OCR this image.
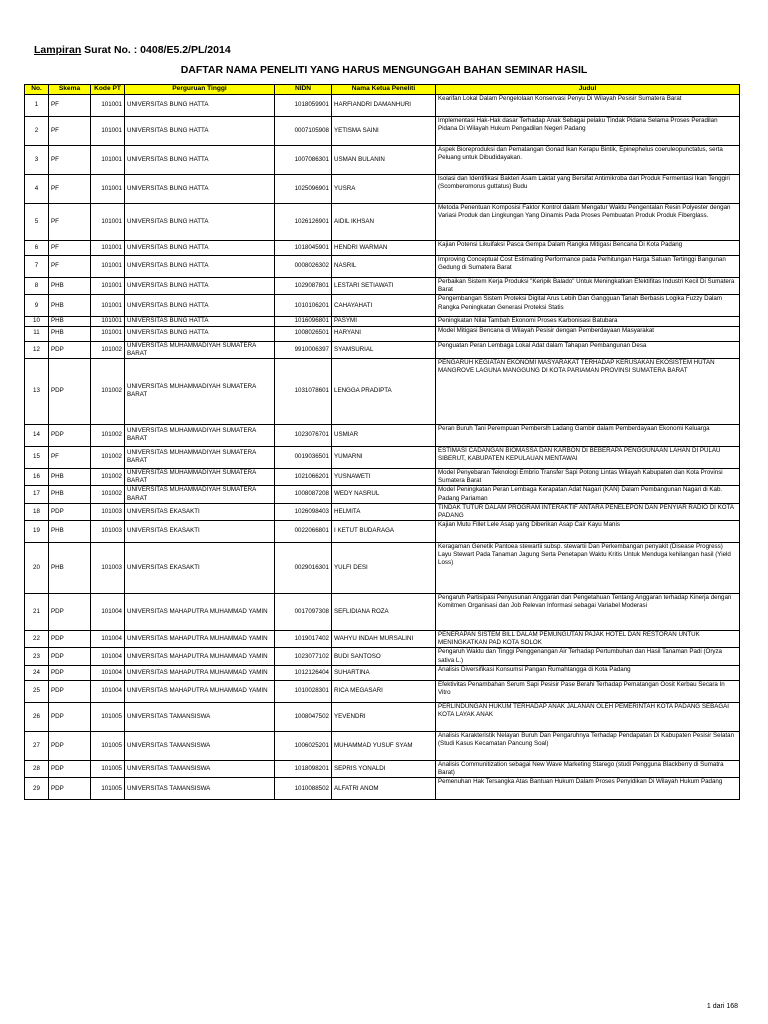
Lampiran Surat No. : 0408/E5.2/PL/2014
DAFTAR NAMA PENELITI YANG HARUS MENGUNGGAH BAHAN SEMINAR HASIL
No.	Skema	Kode PT	Perguruan Tinggi	NIDN	Nama Ketua Peneliti	Judul
1	PF	101001	UNIVERSITAS BUNG HATTA	1018059901	HARFIANDRI DAMANHURI	Kearifan Lokal Dalam Pengelolaan Konservasi Penyu Di Wilayah Pesisir Sumatera Barat
2	PF	101001	UNIVERSITAS BUNG HATTA	0007105908	YETISMA SAINI	Implementasi Hak-Hak dasar Terhadap Anak Sebagai pelaku Tindak Pidana Selama Proses Peradilan Pidana Di Wilayah Hukum Pengadilan Negeri Padang
3	PF	101001	UNIVERSITAS BUNG HATTA	1007086301	USMAN BULANIN	Aspek Bioreproduksi dan Pematangan Gonad Ikan Kerapu Bintik, Epinephelus coeruleopunctatus, serta Peluang untuk Dibudidayakan.
4	PF	101001	UNIVERSITAS BUNG HATTA	1025096901	YUSRA	Isolasi dan Identifikasi Bakteri Asam Laktat yang Bersifat Antimikroba dari Produk Fermentasi Ikan Tenggiri (Scomberomorus guttatus) Budu
5	PF	101001	UNIVERSITAS BUNG HATTA	1026126901	AIDIL IKHSAN	Metoda Penentuan Komposisi Faktor Kontrol dalam Mengatur Waktu Pengentalan Resin Polyester dengan Variasi Produk dan Lingkungan Yang Dinamis Pada Proses Pembuatan Produk Produk Fiberglass.
6	PF	101001	UNIVERSITAS BUNG HATTA	1018045901	HENDRI WARMAN	Kajian Potensi Likuifaksi Pasca Gempa Dalam Rangka Mitigasi Bencana Di Kota Padang
7	PF	101001	UNIVERSITAS BUNG HATTA	0008026302	NASRIL	Improving Conceptual Cost Estimating Performance pada Perhitungan Harga Satuan Tertinggi Bangunan Gedung di Sumatera Barat
8	PHB	101001	UNIVERSITAS BUNG HATTA	1029087801	LESTARI SETIAWATI	Perbaikan Sistem Kerja Produksi "Keripik Balado" Untuk Meningkatkan Efektifitas Industri Kecil Di Sumatera Barat
9	PHB	101001	UNIVERSITAS BUNG HATTA	1010106201	CAHAYAHATI	Pengembangan Sistem Proteksi Digital Arus Lebih Dan Gangguan Tanah Berbasis Logika Fuzzy Dalam Rangka Peningkatan Generasi Proteksi Statis
10	PHB	101001	UNIVERSITAS BUNG HATTA	1016096801	PASYMI	Peningkatan Nilai Tambah Ekonomi Proses Karbonisasi Batubara
11	PHB	101001	UNIVERSITAS BUNG HATTA	1008026501	HARYANI	Model Mitigasi Bencana di Wilayah Pesisir dengan Pemberdayaan Masyarakat
12	PDP	101002	UNIVERSITAS MUHAMMADIYAH SUMATERA BARAT	9910006397	SYAMSURIAL	Penguatan Peran Lembaga Lokal Adat dalam Tahapan Pembangunan Desa
13	PDP	101002	UNIVERSITAS MUHAMMADIYAH SUMATERA BARAT	1031078601	LENGGA PRADIPTA	PENGARUH KEGIATAN EKONOMI MASYARAKAT TERHADAP KERUSAKAN EKOSISTEM HUTAN MANGROVE LAGUNA MANGGUNG DI KOTA PARIAMAN PROVINSI SUMATERA BARAT
14	PDP	101002	UNIVERSITAS MUHAMMADIYAH SUMATERA BARAT	1023076701	USMIAR	Peran Buruh Tani Perempuan Pemberslh Ladang Gambir dalam Pemberdayaan Ekonomi Keluarga
15	PF	101002	UNIVERSITAS MUHAMMADIYAH SUMATERA BARAT	0019036501	YUMARNI	ESTIMASI CADANGAN BIOMASSA DAN KARBON DI BEBERAPA PENGGUNAAN LAHAN DI PULAU SIBERUT, KABUPATEN KEPULAUAN MENTAWAI
16	PHB	101002	UNIVERSITAS MUHAMMADIYAH SUMATERA BARAT	1021066201	YUSNAWETI	Model Penyebaran Teknologi Embrio Transfer Sapi Potong Lintas Wilayah Kabupaten dan Kota Provinsi Sumatera Barat
17	PHB	101002	UNIVERSITAS MUHAMMADIYAH SUMATERA BARAT	1008087208	WEDY NASRUL	Model Peningkatan Peran Lembaga Kerapatan Adat Nagari (KAN) Dalam Pembangunan Nagari di Kab. Padang Pariaman
18	PDP	101003	UNIVERSITAS EKASAKTI	1026098403	HELMITA	TINDAK TUTUR DALAM PROGRAM INTERAKTIF ANTARA PENELEPON DAN PENYIAR RADIO DI KOTA PADANG
19	PHB	101003	UNIVERSITAS EKASAKTI	0022066801	I KETUT BUDARAGA	Kajian Mutu Fillet Lele Asap yang Diberikan Asap Cair Kayu Manis
20	PHB	101003	UNIVERSITAS EKASAKTI	0029016301	YULFI DESI	Keragaman Genetik Pantoea stewartii subsp. stewartii Dan Perkembangan penyakit (Disease Progress) Layu Stewart Pada Tanaman Jagung Serta Penetapan Waktu Kritis Untuk Menduga kehilangan hasil (Yield Loss)
21	PDP	101004	UNIVERSITAS MAHAPUTRA MUHAMMAD YAMIN	0017097308	SEFLIDIANA ROZA	Pengaruh Partisipasi Penyusunan Anggaran dan Pengetahuan Tentang Anggaran terhadap Kinerja dengan Komitmen Organisasi dan Job Relevan Informasi sebagai Variabel Moderasi
22	PDP	101004	UNIVERSITAS MAHAPUTRA MUHAMMAD YAMIN	1019017402	WAHYU INDAH MURSALINI	PENERAPAN SISTEM BILL DALAM PEMUNGUTAN PAJAK HOTEL DAN RESTORAN UNTUK MENINGKATKAN PAD KOTA SOLOK
23	PDP	101004	UNIVERSITAS MAHAPUTRA MUHAMMAD YAMIN	1023077102	BUDI SANTOSO	Pengaruh Waktu dan Tinggi Penggenangan Air Terhadap Pertumbuhan dan Hasil Tanaman Padi (Oryza sativa L.)
24	PDP	101004	UNIVERSITAS MAHAPUTRA MUHAMMAD YAMIN	1012126404	SUHARTINA	Analisis Diversifikasi Konsumsi Pangan Rumahtangga di Kota Padang
25	PDP	101004	UNIVERSITAS MAHAPUTRA MUHAMMAD YAMIN	1010028301	RICA MEGASARI	Efektivitas Penambahan Serum Sapi Pesisir Pase Berahi Terhadap Pematangan Oosit Kerbau Secara In Vitro
26	PDP	101005	UNIVERSITAS TAMANSISWA	1008047502	YEVENDRI	PERLINDUNGAN HUKUM TERHADAP ANAK JALANAN OLEH PEMERINTAH KOTA PADANG SEBAGAI KOTA LAYAK ANAK
27	PDP	101005	UNIVERSITAS TAMANSISWA	1006025201	MUHAMMAD YUSUF SYAM	Analisis Karakteristik Nelayan Buruh Dan Pengaruhnya Terhadap Pendapatan Di Kabupaten Pesisir Selatan (Studi Kasus Kecamatan Pancung Soal)
28	PDP	101005	UNIVERSITAS TAMANSISWA	1018098201	SEPRIS YONALDI	Analisis Communitization sebagai New Wave Marketing Starego (studi Pengguna Blackberry di Sumatra Barat)
29	PDP	101005	UNIVERSITAS TAMANSISWA	1010088502	ALFATRI ANOM	Pemenuhan Hak Tersangka Atas Bantuan Hukum Dalam Proses Penyidikan Di Wilayah Hukum Padang
1 dari 168
